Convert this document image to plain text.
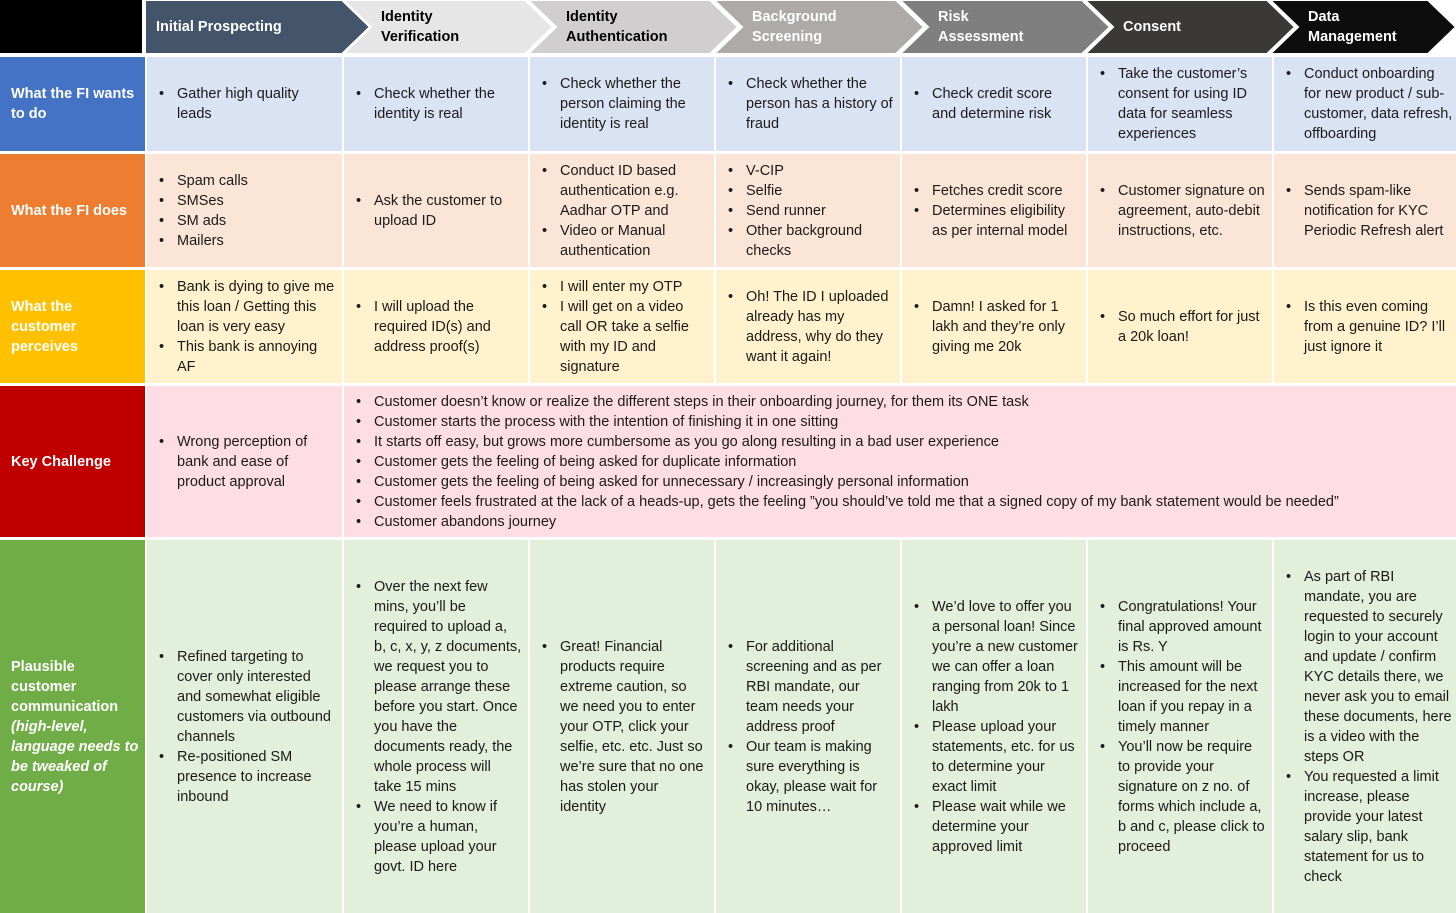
Initial Prospecting
Identity Verification
Identity Authentication
Background Screening
Risk Assessment
Consent
Data Management
What the FI wants to do
• Gather high quality leads
• Check whether the identity is real
• Check whether the person claiming the identity is real
• Check whether the person has a history of fraud
• Check credit score and determine risk
• Take the customer’s consent for using ID data for seamless experiences
• Conduct onboarding for new product / sub-customer, data refresh, offboarding
What the FI does
• Spam calls
• SMSes
• SM ads
• Mailers
• Ask the customer to upload ID
• Conduct ID based authentication e.g. Aadhar OTP and
• Video or Manual authentication
• V-CIP
• Selfie
• Send runner
• Other background checks
• Fetches credit score
• Determines eligibility as per internal model
• Customer signature on agreement, auto-debit instructions, etc.
• Sends spam-like notification for KYC Periodic Refresh alert
What the customer perceives
• Bank is dying to give me this loan / Getting this loan is very easy
• This bank is annoying AF
• I will upload the required ID(s) and address proof(s)
• I will enter my OTP
• I will get on a video call OR take a selfie with my ID and signature
• Oh! The ID I uploaded already has my address, why do they want it again!
• Damn! I asked for 1 lakh and they’re only giving me 20k
• So much effort for just a 20k loan!
• Is this even coming from a genuine ID? I’ll just ignore it
Key Challenge
• Wrong perception of bank and ease of product approval
• Customer doesn’t know or realize the different steps in their onboarding journey, for them its ONE task
• Customer starts the process with the intention of finishing it in one sitting
• It starts off easy, but grows more cumbersome as you go along resulting in a bad user experience
• Customer gets the feeling of being asked for duplicate information
• Customer gets the feeling of being asked for unnecessary / increasingly personal information
• Customer feels frustrated at the lack of a heads-up, gets the feeling ”you should’ve told me that a signed copy of my bank statement would be needed”
• Customer abandons journey
Plausible customer communication (high-level, language needs to be tweaked of course)
• Refined targeting to cover only interested and somewhat eligible customers via outbound channels
• Re-positioned SM presence to increase inbound
• Over the next few mins, you’ll be required to upload a, b, c, x, y, z documents, we request you to please arrange these before you start. Once you have the documents ready, the whole process will take 15 mins
• We need to know if you’re a human, please upload your govt. ID here
• Great! Financial products require extreme caution, so we need you to enter your OTP, click your selfie, etc. etc. Just so we’re sure that no one has stolen your identity
• For additional screening and as per RBI mandate, our team needs your address proof
• Our team is making sure everything is okay, please wait for 10 minutes…
• We’d love to offer you a personal loan! Since you’re a new customer we can offer a loan ranging from 20k to 1 lakh
• Please upload your statements, etc. for us to determine your exact limit
• Please wait while we determine your approved limit
• Congratulations! Your final approved amount is Rs. Y
• This amount will be increased for the next loan if you repay in a timely manner
• You’ll now be require to provide your signature on z no. of forms which include a, b and c, please click to proceed
• As part of RBI mandate, you are requested to securely login to your account and update / confirm KYC details there, we never ask you to email these documents, here is a video with the steps OR
• You requested a limit increase, please provide your latest salary slip, bank statement for us to check
